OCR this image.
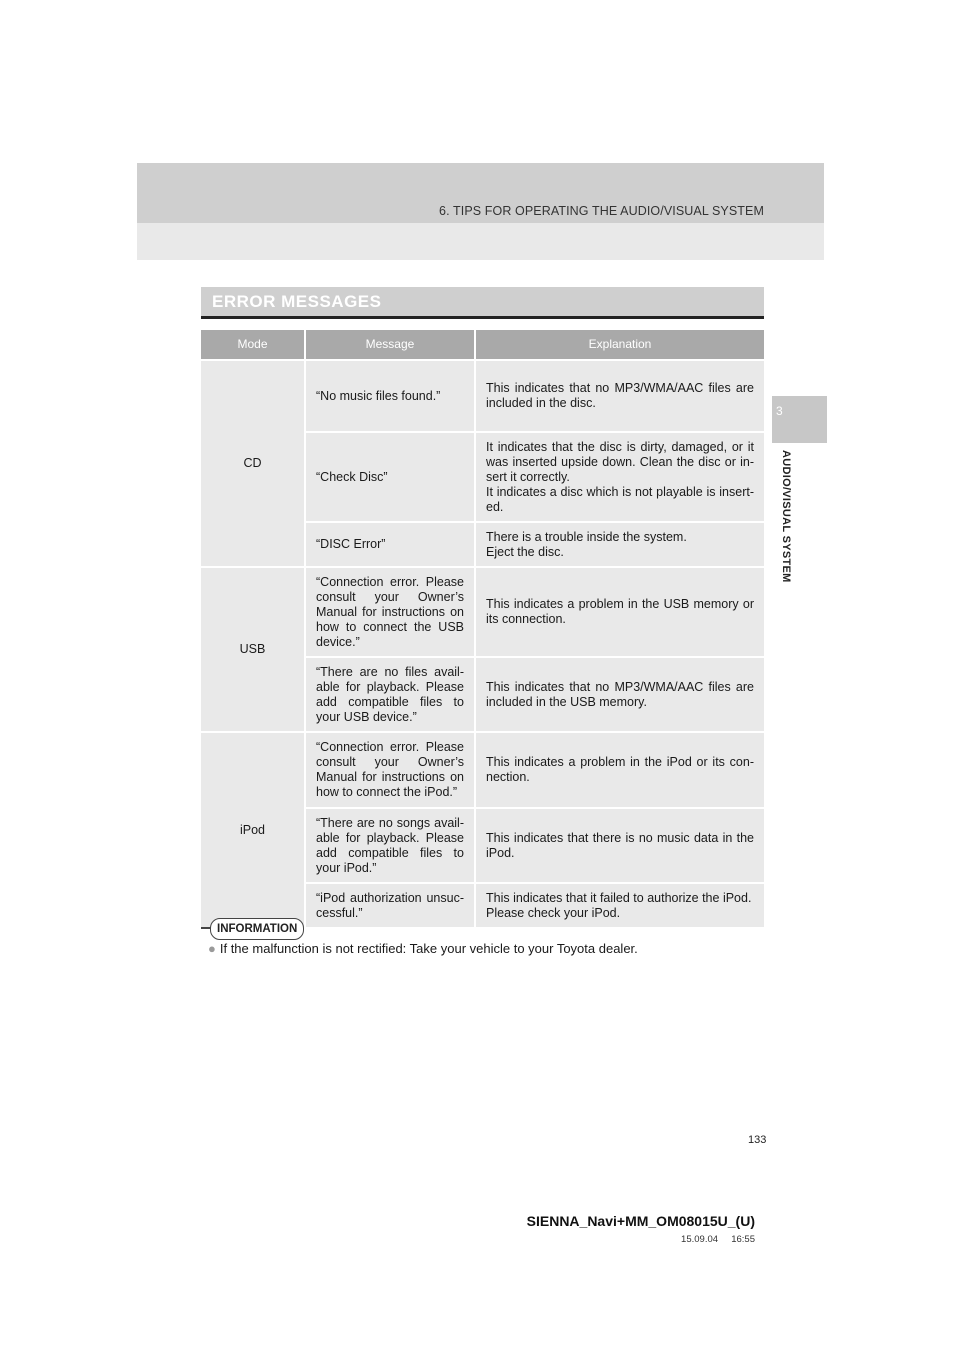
6. TIPS FOR OPERATING THE AUDIO/VISUAL SYSTEM
3
AUDIO/VISUAL SYSTEM
ERROR MESSAGES
Mode	Message	Explanation
CD	“No music files found.”	This indicates that no MP3/WMA/AAC files are included in the disc.
	“Check Disc”	It indicates that the disc is dirty, damaged, or it was inserted upside down. Clean the disc or in-sert it correctly.
It indicates a disc which is not playable is insert-ed.
	“DISC Error”	There is a trouble inside the system.
Eject the disc.
USB	“Connection error. Please consult your Owner’s Manual for instructions on how to connect the USB device.”	This indicates a problem in the USB memory or its connection.
	“There are no files avail-able for playback. Please add compatible files to your USB device.”	This indicates that no MP3/WMA/AAC files are included in the USB memory.
iPod	“Connection error. Please consult your Owner’s Manual for instructions on how to connect the iPod.”	This indicates a problem in the iPod or its con-nection.
	“There are no songs avail-able for playback. Please add compatible files to your iPod.”	This indicates that there is no music data in the iPod.
	“iPod authorization unsuc-cessful.”	This indicates that it failed to authorize the iPod.
Please check your iPod.
INFORMATION
● If the malfunction is not rectified: Take your vehicle to your Toyota dealer.
133
SIENNA_Navi+MM_OM08015U_(U)
15.09.04     16:55
